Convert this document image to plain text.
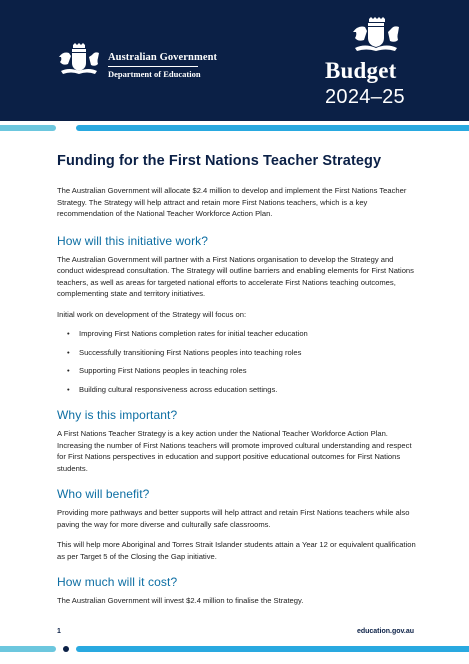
Australian Government
Department of Education	Budget
2024–25
Funding for the First Nations Teacher Strategy

The Australian Government will allocate $2.4 million to develop and implement the First Nations Teacher Strategy. The Strategy will help attract and retain more First Nations teachers, which is a key recommendation of the National Teacher Workforce Action Plan.

How will this initiative work?

The Australian Government will partner with a First Nations organisation to develop the Strategy and conduct widespread consultation. The Strategy will outline barriers and enabling elements for First Nations teachers, as well as areas for targeted national efforts to accelerate First Nations teaching outcomes, complementing state and territory initiatives.

Initial work on development of the Strategy will focus on:

• Improving First Nations completion rates for initial teacher education
• Successfully transitioning First Nations peoples into teaching roles
• Supporting First Nations peoples in teaching roles
• Building cultural responsiveness across education settings.
Why is this important?

A First Nations Teacher Strategy is a key action under the National Teacher Workforce Action Plan. Increasing the number of First Nations teachers will promote improved cultural understanding and respect for First Nations perspectives in education and support positive educational outcomes for First Nations students.

Who will benefit?

Providing more pathways and better supports will help attract and retain First Nations teachers while also paving the way for more diverse and culturally safe classrooms.

This will help more Aboriginal and Torres Strait Islander students attain a Year 12 or equivalent qualification as per Target 5 of the Closing the Gap initiative.

How much will it cost?

The Australian Government will invest $2.4 million to finalise the Strategy.

1	education.gov.au
